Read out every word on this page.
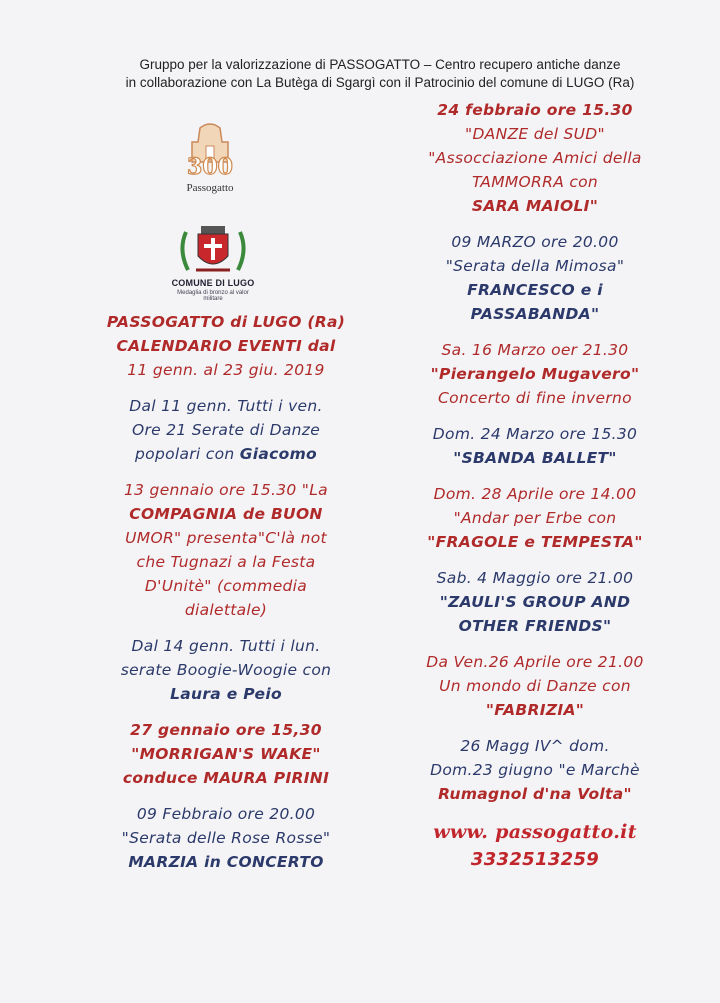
Gruppo per la valorizzazione di PASSOGATTO – Centro recupero antiche danze
in collaborazione con La Butèga di Sgargì con il Patrocinio del comune di LUGO (Ra)
300
Passogatto
COMUNE DI LUGO
Medaglia di bronzo al valor militare
PASSOGATTO di LUGO (Ra)
CALENDARIO EVENTI dal
11 genn. al 23 giu. 2019
Dal 11 genn. Tutti i ven.
Ore 21 Serate di Danze
popolari con Giacomo
13 gennaio ore 15.30 "La
COMPAGNIA de BUON
UMOR" presenta"C'là not
che Tugnazi a la Festa
D'Unitè" (commedia
dialettale)
Dal 14 genn. Tutti i lun.
serate Boogie-Woogie con
Laura e Peio
27 gennaio ore 15,30
"MORRIGAN'S WAKE"
conduce MAURA PIRINI
09 Febbraio ore 20.00
"Serata delle Rose Rosse"
MARZIA in CONCERTO
24 febbraio ore 15.30
"DANZE del SUD"
"Assocciazione Amici della
TAMMORRA con
SARA MAIOLI"
09 MARZO ore 20.00
"Serata della Mimosa"
FRANCESCO e i
PASSABANDA"
Sa. 16 Marzo oer 21.30
"Pierangelo Mugavero"
Concerto di fine inverno
Dom. 24 Marzo ore 15.30
"SBANDA BALLET"
Dom. 28 Aprile ore 14.00
"Andar per Erbe con
"FRAGOLE e TEMPESTA"
Sab. 4 Maggio ore 21.00
"ZAULI'S GROUP AND
OTHER FRIENDS"
Da Ven.26 Aprile ore 21.00
Un mondo di Danze con
"FABRIZIA"
26 Magg IV^ dom.
Dom.23 giugno "e Marchè
Rumagnol d'na Volta"
www. passogatto.it
3332513259
